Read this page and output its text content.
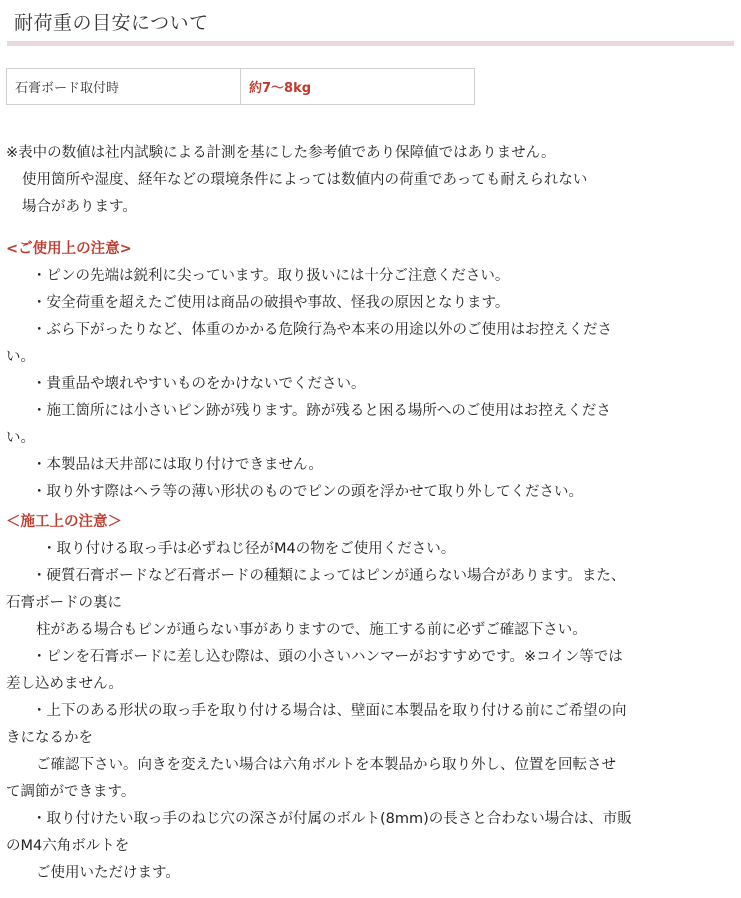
耐荷重の目安について
石膏ボード取付時	約7〜8kg
※表中の数値は社内試験による計測を基にした参考値であり保障値ではありません。
使用箇所や湿度、経年などの環境条件によっては数値内の荷重であっても耐えられない
場合があります。
<ご使用上の注意>
・ピンの先端は鋭利に尖っています。取り扱いには十分ご注意ください。
・安全荷重を超えたご使用は商品の破損や事故、怪我の原因となります。
・ぶら下がったりなど、体重のかかる危険行為や本来の用途以外のご使用はお控えくださ
い。
・貴重品や壊れやすいものをかけないでください。
・施工箇所には小さいピン跡が残ります。跡が残ると困る場所へのご使用はお控えくださ
い。
・本製品は天井部には取り付けできません。
・取り外す際はヘラ等の薄い形状のものでピンの頭を浮かせて取り外してください。
＜施工上の注意＞
・取り付ける取っ手は必ずねじ径がM4の物をご使用ください。
・硬質石膏ボードなど石膏ボードの種類によってはピンが通らない場合があります。また、
石膏ボードの裏に
柱がある場合もピンが通らない事がありますので、施工する前に必ずご確認下さい。
・ピンを石膏ボードに差し込む際は、頭の小さいハンマーがおすすめです。※コイン等では
差し込めません。
・上下のある形状の取っ手を取り付ける場合は、壁面に本製品を取り付ける前にご希望の向
きになるかを
ご確認下さい。向きを変えたい場合は六角ボルトを本製品から取り外し、位置を回転させ
て調節ができます。
・取り付けたい取っ手のねじ穴の深さが付属のボルト(8mm)の長さと合わない場合は、市販
のM4六角ボルトを
ご使用いただけます。
